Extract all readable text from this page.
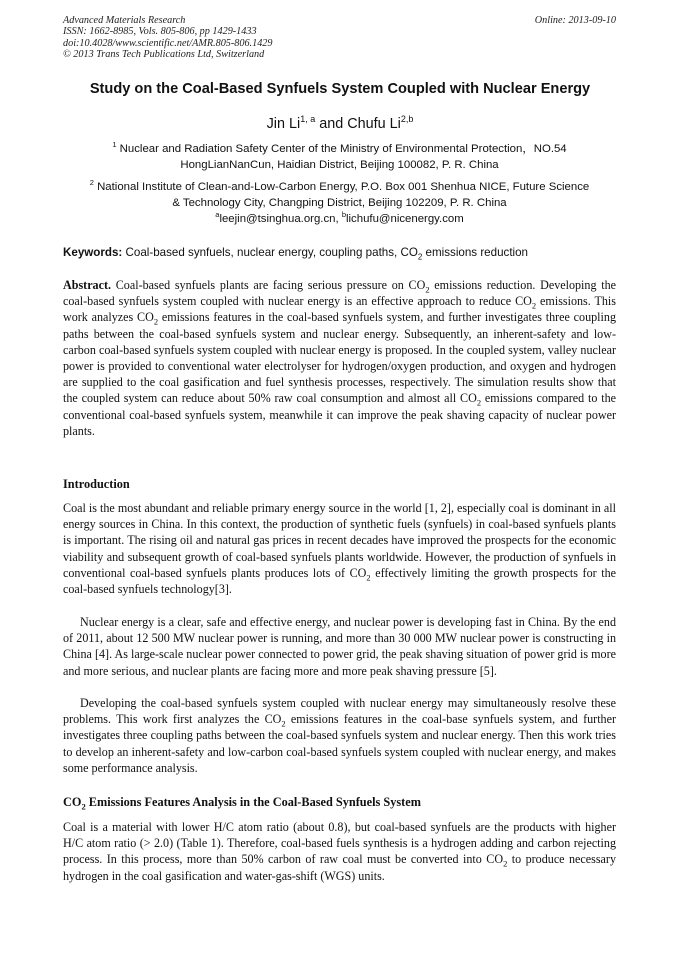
Advanced Materials Research
ISSN: 1662-8985, Vols. 805-806, pp 1429-1433
doi:10.4028/www.scientific.net/AMR.805-806.1429
© 2013 Trans Tech Publications Ltd, Switzerland
Online: 2013-09-10
Study on the Coal-Based Synfuels System Coupled with Nuclear Energy
Jin Li$^{1, a}$ and Chufu Li$^{2,b}$
$^1$ Nuclear and Radiation Safety Center of the Ministry of Environmental Protection，NO.54
HongLianNanCun, Haidian District, Beijing 100082, P. R. China
$^2$ National Institute of Clean-and-Low-Carbon Energy, P.O. Box 001 Shenhua NICE, Future Science
& Technology City, Changping District, Beijing 102209, P. R. China
$^a$leejin@tsinghua.org.cn, $^b$lichufu@nicenergy.com
Keywords: Coal-based synfuels, nuclear energy, coupling paths, $CO_2$ emissions reduction
Abstract. Coal-based synfuels plants are facing serious pressure on $CO_2$ emissions reduction. Developing the coal-based synfuels system coupled with nuclear energy is an effective approach to reduce $CO_2$ emissions. This work analyzes $CO_2$ emissions features in the coal-based synfuels system, and further investigates three coupling paths between the coal-based synfuels system and nuclear energy. Subsequently, an inherent-safety and low-carbon coal-based synfuels system coupled with nuclear energy is proposed. In the coupled system, valley nuclear power is provided to conventional water electrolyser for hydrogen/oxygen production, and oxygen and hydrogen are supplied to the coal gasification and fuel synthesis processes, respectively. The simulation results show that the coupled system can reduce about 50% raw coal consumption and almost all $CO_2$ emissions compared to the conventional coal-based synfuels system, meanwhile it can improve the peak shaving capacity of nuclear power plants.
Introduction
Coal is the most abundant and reliable primary energy source in the world [1, 2], especially coal is dominant in all energy sources in China. In this context, the production of synthetic fuels (synfuels) in coal-based synfuels plants is important. The rising oil and natural gas prices in recent decades have improved the prospects for the economic viability and subsequent growth of coal-based synfuels plants worldwide. However, the production of synfuels in conventional coal-based synfuels plants produces lots of $CO_2$ effectively limiting the growth prospects for the coal-based synfuels technology[3].
Nuclear energy is a clear, safe and effective energy, and nuclear power is developing fast in China. By the end of 2011, about 12 500 MW nuclear power is running, and more than 30 000 MW nuclear power is constructing in China [4]. As large-scale nuclear power connected to power grid, the peak shaving situation of power grid is more and more serious, and nuclear plants are facing more and more peak shaving pressure [5].
Developing the coal-based synfuels system coupled with nuclear energy may simultaneously resolve these problems. This work first analyzes the $CO_2$ emissions features in the coal-base synfuels system, and further investigates three coupling paths between the coal-based synfuels system and nuclear energy. Then this work tries to develop an inherent-safety and low-carbon coal-based synfuels system coupled with nuclear energy, and makes some performance analysis.
$CO_2$ Emissions Features Analysis in the Coal-Based Synfuels System
Coal is a material with lower H/C atom ratio (about 0.8), but coal-based synfuels are the products with higher H/C atom ratio (> 2.0) (Table 1). Therefore, coal-based fuels synthesis is a hydrogen adding and carbon rejecting process. In this process, more than 50% carbon of raw coal must be converted into $CO_2$ to produce necessary hydrogen in the coal gasification and water-gas-shift (WGS) units.
